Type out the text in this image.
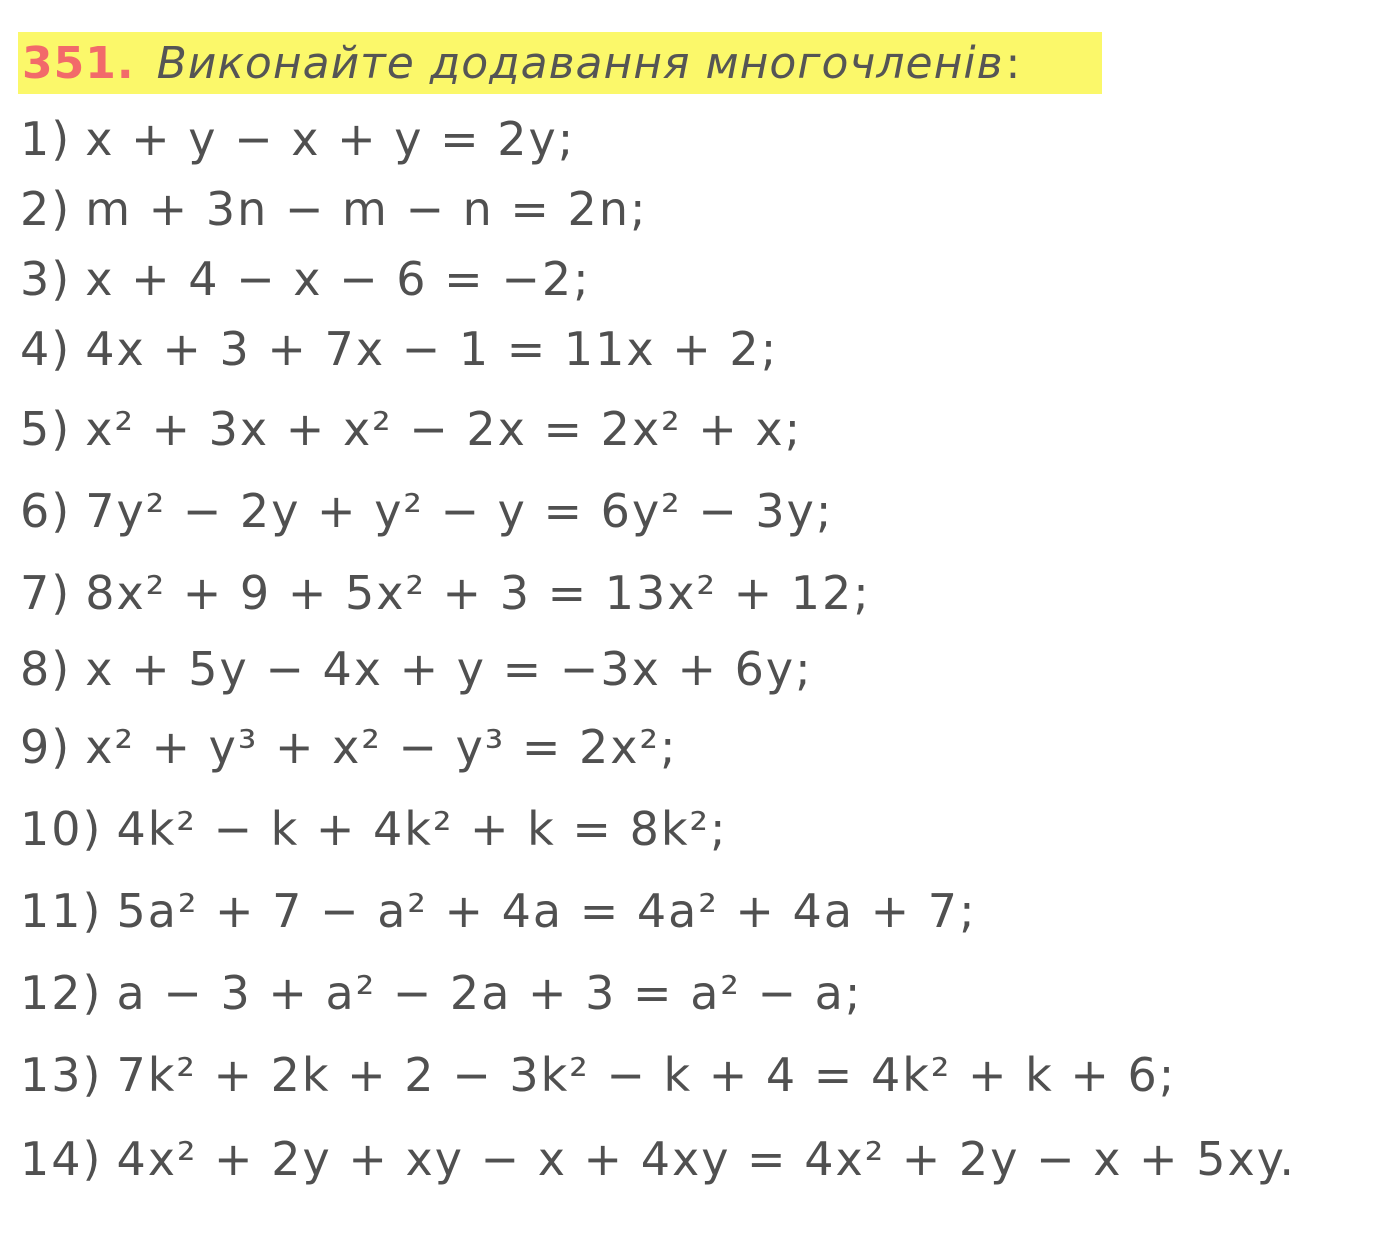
351. Виконайте додавання многочленів :
1) x + y − x + y = 2y;
2) m + 3n − m − n = 2n;
3) x + 4 − x − 6 = −2;
4) 4x + 3 + 7x − 1 = 11x + 2;
5) x² + 3x + x² − 2x = 2x² + x;
6) 7y² − 2y + y² − y = 6y² − 3y;
7) 8x² + 9 + 5x² + 3 = 13x² + 12;
8) x + 5y − 4x + y = −3x + 6y;
9) x² + y³ + x² − y³ = 2x²;
10) 4k² − k + 4k² + k = 8k²;
11) 5a² + 7 − a² + 4a = 4a² + 4a + 7;
12) a − 3 + a² − 2a + 3 = a² − a;
13) 7k² + 2k + 2 − 3k² − k + 4 = 4k² + k + 6;
14) 4x² + 2y + xy − x + 4xy = 4x² + 2y − x + 5xy.
